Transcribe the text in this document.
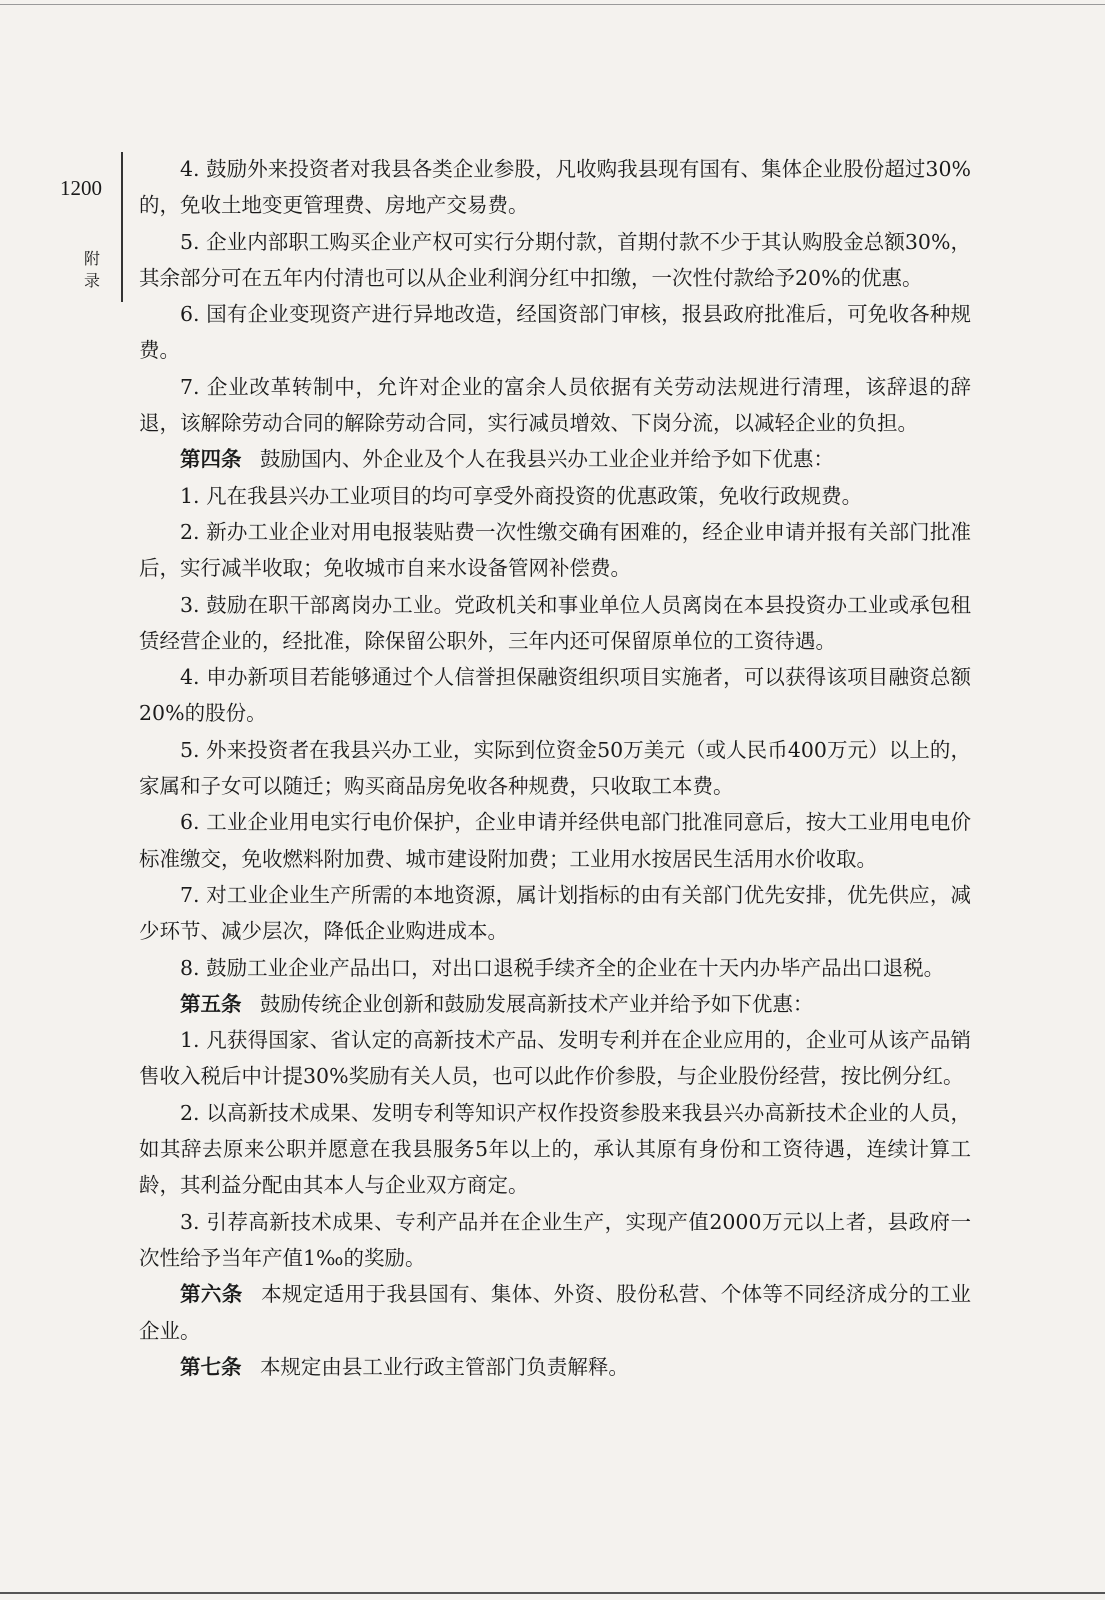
1200
附
录

4. 鼓励外来投资者对我县各类企业参股，凡收购我县现有国有、集体企业股份超过30%的，免收土地变更管理费、房地产交易费。

5. 企业内部职工购买企业产权可实行分期付款，首期付款不少于其认购股金总额30%，其余部分可在五年内付清也可以从企业利润分红中扣缴，一次性付款给予20%的优惠。

6. 国有企业变现资产进行异地改造，经国资部门审核，报县政府批准后，可免收各种规费。

7. 企业改革转制中，允许对企业的富余人员依据有关劳动法规进行清理，该辞退的辞退，该解除劳动合同的解除劳动合同，实行减员增效、下岗分流，以减轻企业的负担。

第四条 鼓励国内、外企业及个人在我县兴办工业企业并给予如下优惠：

1. 凡在我县兴办工业项目的均可享受外商投资的优惠政策，免收行政规费。

2. 新办工业企业对用电报装贴费一次性缴交确有困难的，经企业申请并报有关部门批准后，实行减半收取；免收城市自来水设备管网补偿费。

3. 鼓励在职干部离岗办工业。党政机关和事业单位人员离岗在本县投资办工业或承包租赁经营企业的，经批准，除保留公职外，三年内还可保留原单位的工资待遇。

4. 申办新项目若能够通过个人信誉担保融资组织项目实施者，可以获得该项目融资总额20%的股份。

5. 外来投资者在我县兴办工业，实际到位资金50万美元（或人民币400万元）以上的，家属和子女可以随迁；购买商品房免收各种规费，只收取工本费。

6. 工业企业用电实行电价保护，企业申请并经供电部门批准同意后，按大工业用电电价标准缴交，免收燃料附加费、城市建设附加费；工业用水按居民生活用水价收取。

7. 对工业企业生产所需的本地资源，属计划指标的由有关部门优先安排，优先供应，减少环节、减少层次，降低企业购进成本。

8. 鼓励工业企业产品出口，对出口退税手续齐全的企业在十天内办毕产品出口退税。

第五条 鼓励传统企业创新和鼓励发展高新技术产业并给予如下优惠：

1. 凡获得国家、省认定的高新技术产品、发明专利并在企业应用的，企业可从该产品销售收入税后中计提30%奖励有关人员，也可以此作价参股，与企业股份经营，按比例分红。

2. 以高新技术成果、发明专利等知识产权作投资参股来我县兴办高新技术企业的人员，如其辞去原来公职并愿意在我县服务5年以上的，承认其原有身份和工资待遇，连续计算工龄，其利益分配由其本人与企业双方商定。

3. 引荐高新技术成果、专利产品并在企业生产，实现产值2000万元以上者，县政府一次性给予当年产值1‰的奖励。

第六条 本规定适用于我县国有、集体、外资、股份私营、个体等不同经济成分的工业企业。

第七条 本规定由县工业行政主管部门负责解释。
